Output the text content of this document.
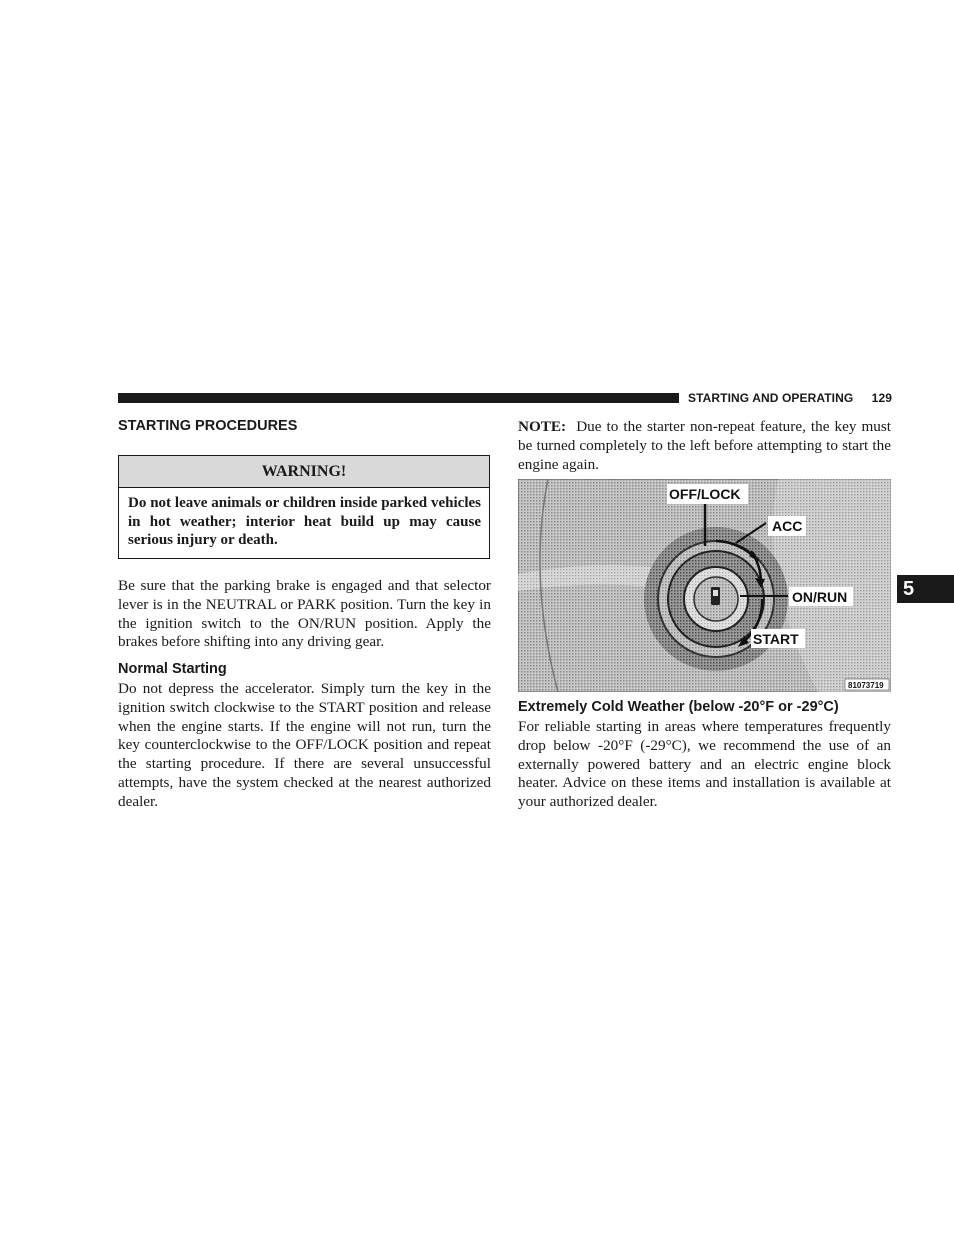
STARTING AND OPERATING 129
STARTING PROCEDURES
WARNING!
Do not leave animals or children inside parked vehicles in hot weather; interior heat build up may cause serious injury or death.
Be sure that the parking brake is engaged and that selector lever is in the NEUTRAL or PARK position. Turn the key in the ignition switch to the ON/RUN position. Apply the brakes before shifting into any driving gear.
Normal Starting
Do not depress the accelerator. Simply turn the key in the ignition switch clockwise to the START position and release when the engine starts. If the engine will not run, turn the key counterclockwise to the OFF/LOCK position and repeat the starting procedure. If there are several unsuccessful attempts, have the system checked at the nearest authorized dealer.
NOTE: Due to the starter non-repeat feature, the key must be turned completely to the left before attempting to start the engine again.
OFF/LOCK
ACC
ON/RUN
START
81073719
Extremely Cold Weather (below -20°F or -29°C)
For reliable starting in areas where temperatures frequently drop below -20°F (-29°C), we recommend the use of an externally powered battery and an electric engine block heater. Advice on these items and installation is available at your authorized dealer.
5
